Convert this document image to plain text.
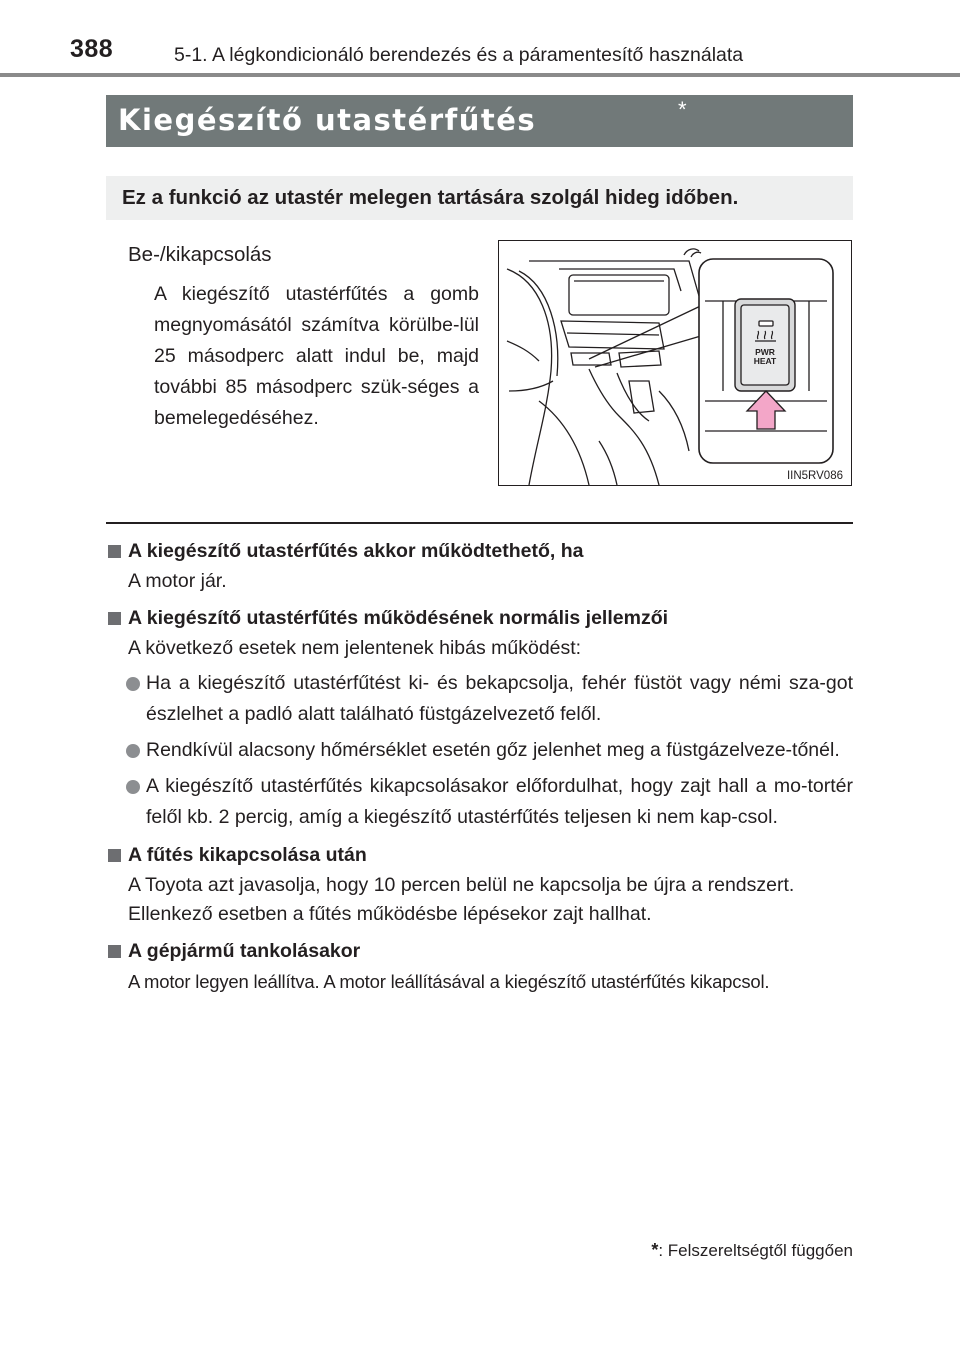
388	5-1. A légkondicionáló berendezés és a páramentesítő használata
Kiegészítő utastérfűtés	*
Ez a funkció az utastér melegen tartására szolgál hideg időben.
Be-/kikapcsolás
A kiegészítő utastérfűtés a gomb megnyomásától számítva körülbe-lül 25 másodperc alatt indul be, majd további 85 másodperc szük-séges a bemelegedéséhez.
PWR
HEAT
IIN5RV086
A kiegészítő utastérfűtés akkor működtethető, ha
A motor jár.
A kiegészítő utastérfűtés működésének normális jellemzői
A következő esetek nem jelentenek hibás működést:
Ha a kiegészítő utastérfűtést ki- és bekapcsolja, fehér füstöt vagy némi sza-got észlelhet a padló alatt található füstgázelvezető felől.
Rendkívül alacsony hőmérséklet esetén gőz jelenhet meg a füstgázelveze-tőnél.
A kiegészítő utastérfűtés kikapcsolásakor előfordulhat, hogy zajt hall a mo-tortér felől kb. 2 percig, amíg a kiegészítő utastérfűtés teljesen ki nem kap-csol.
A fűtés kikapcsolása után
A Toyota azt javasolja, hogy 10 percen belül ne kapcsolja be újra a rendszert. Ellenkező esetben a fűtés működésbe lépésekor zajt hallhat.
A gépjármű tankolásakor
A motor legyen leállítva. A motor leállításával a kiegészítő utastérfűtés kikapcsol.
*: Felszereltségtől függően
